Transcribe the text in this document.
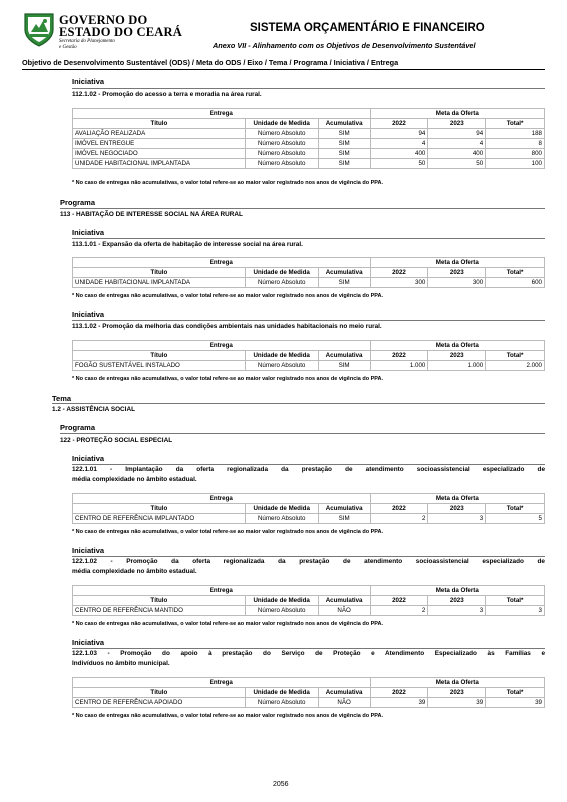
GOVERNO DO
ESTADO DO CEARÁ
Secretaria do Planejamento
e Gestão
SISTEMA ORÇAMENTÁRIO E FINANCEIRO
Anexo VII - Alinhamento com os Objetivos de Desenvolvimento Sustentável
Objetivo de Desenvolvimento Sustentável (ODS) / Meta do ODS / Eixo / Tema / Programa / Iniciativa / Entrega
Iniciativa
112.1.02 - Promoção do acesso a terra e moradia na área rural.
Entrega			Meta da Oferta		
Título	Unidade de Medida	Acumulativa	2022	2023	Total*
AVALIAÇÃO REALIZADA	Número Absoluto	SIM	94	94	188
IMÓVEL ENTREGUE	Número Absoluto	SIM	4	4	8
IMÓVEL NEGOCIADO	Número Absoluto	SIM	400	400	800
UNIDADE HABITACIONAL IMPLANTADA	Número Absoluto	SIM	50	50	100
* No caso de entregas não acumulativas, o valor total refere-se ao maior valor registrado nos anos de vigência do PPA.
Programa
113 - HABITAÇÃO DE INTERESSE SOCIAL NA ÁREA RURAL
Iniciativa
113.1.01 - Expansão da oferta de habitação de interesse social na área rural.
Entrega			Meta da Oferta		
Título	Unidade de Medida	Acumulativa	2022	2023	Total*
UNIDADE HABITACIONAL IMPLANTADA	Número Absoluto	SIM	300	300	600
* No caso de entregas não acumulativas, o valor total refere-se ao maior valor registrado nos anos de vigência do PPA.
Iniciativa
113.1.02 - Promoção da melhoria das condições ambientais nas unidades habitacionais no meio rural.
Entrega			Meta da Oferta		
Título	Unidade de Medida	Acumulativa	2022	2023	Total*
FOGÃO SUSTENTÁVEL INSTALADO	Número Absoluto	SIM	1.000	1.000	2.000
* No caso de entregas não acumulativas, o valor total refere-se ao maior valor registrado nos anos de vigência do PPA.
Tema
1.2 - ASSISTÊNCIA SOCIAL
Programa
122 - PROTEÇÃO SOCIAL ESPECIAL
Iniciativa
122.1.01 - Implantação da oferta regionalizada da prestação de atendimento socioassistencial especializado de
média complexidade no âmbito estadual.
Entrega			Meta da Oferta		
Título	Unidade de Medida	Acumulativa	2022	2023	Total*
CENTRO DE REFERÊNCIA IMPLANTADO	Número Absoluto	SIM	2	3	5
* No caso de entregas não acumulativas, o valor total refere-se ao maior valor registrado nos anos de vigência do PPA.
Iniciativa
122.1.02 - Promoção da oferta regionalizada da prestação de atendimento socioassistencial especializado de
média complexidade no âmbito estadual.
Entrega			Meta da Oferta		
Título	Unidade de Medida	Acumulativa	2022	2023	Total*
CENTRO DE REFERÊNCIA MANTIDO	Número Absoluto	NÃO	2	3	3
* No caso de entregas não acumulativas, o valor total refere-se ao maior valor registrado nos anos de vigência do PPA.
Iniciativa
122.1.03 - Promoção do apoio à prestação do Serviço de Proteção e Atendimento Especializado às Famílias e
Indivíduos no âmbito municipal.
Entrega			Meta da Oferta		
Título	Unidade de Medida	Acumulativa	2022	2023	Total*
CENTRO DE REFERÊNCIA APOIADO	Número Absoluto	NÃO	39	39	39
* No caso de entregas não acumulativas, o valor total refere-se ao maior valor registrado nos anos de vigência do PPA.
2056
